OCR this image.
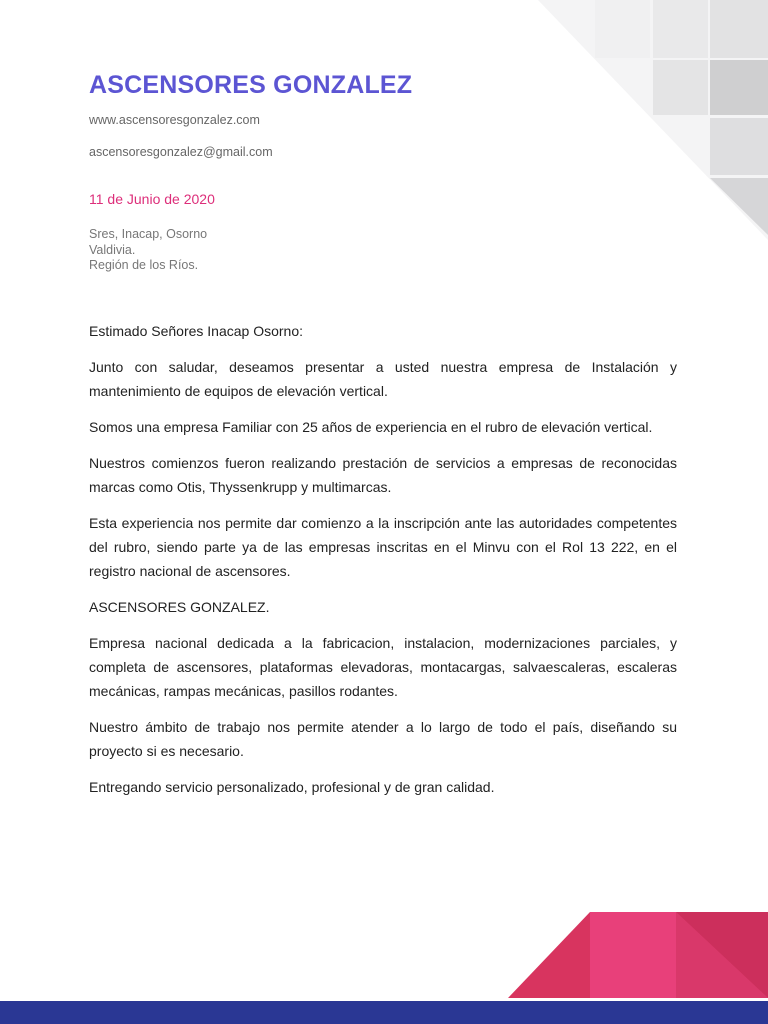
ASCENSORES GONZALEZ
www.ascensoresgonzalez.com
ascensoresgonzalez@gmail.com
11 de Junio de 2020
Sres, Inacap, Osorno
Valdivia.
Región de los Ríos.

Estimado Señores Inacap Osorno:

Junto con saludar, deseamos presentar a usted nuestra empresa de Instalación y mantenimiento de equipos de elevación vertical.

Somos una empresa Familiar con 25 años de experiencia en el rubro de elevación vertical.

Nuestros comienzos fueron realizando prestación de servicios a empresas de reconocidas marcas como Otis, Thyssenkrupp y multimarcas.

Esta experiencia nos permite dar comienzo a la inscripción ante las autoridades competentes del rubro, siendo parte ya de las empresas inscritas en el Minvu con el Rol 13 222, en el registro nacional de ascensores.

ASCENSORES GONZALEZ.

Empresa nacional dedicada a la fabricacion, instalacion, modernizaciones parciales, y completa de ascensores, plataformas elevadoras, montacargas, salvaescaleras, escaleras mecánicas, rampas mecánicas, pasillos rodantes.

Nuestro ámbito de trabajo nos permite atender a lo largo de todo el país, diseñando su proyecto si es necesario.

Entregando servicio personalizado, profesional y de gran calidad.
